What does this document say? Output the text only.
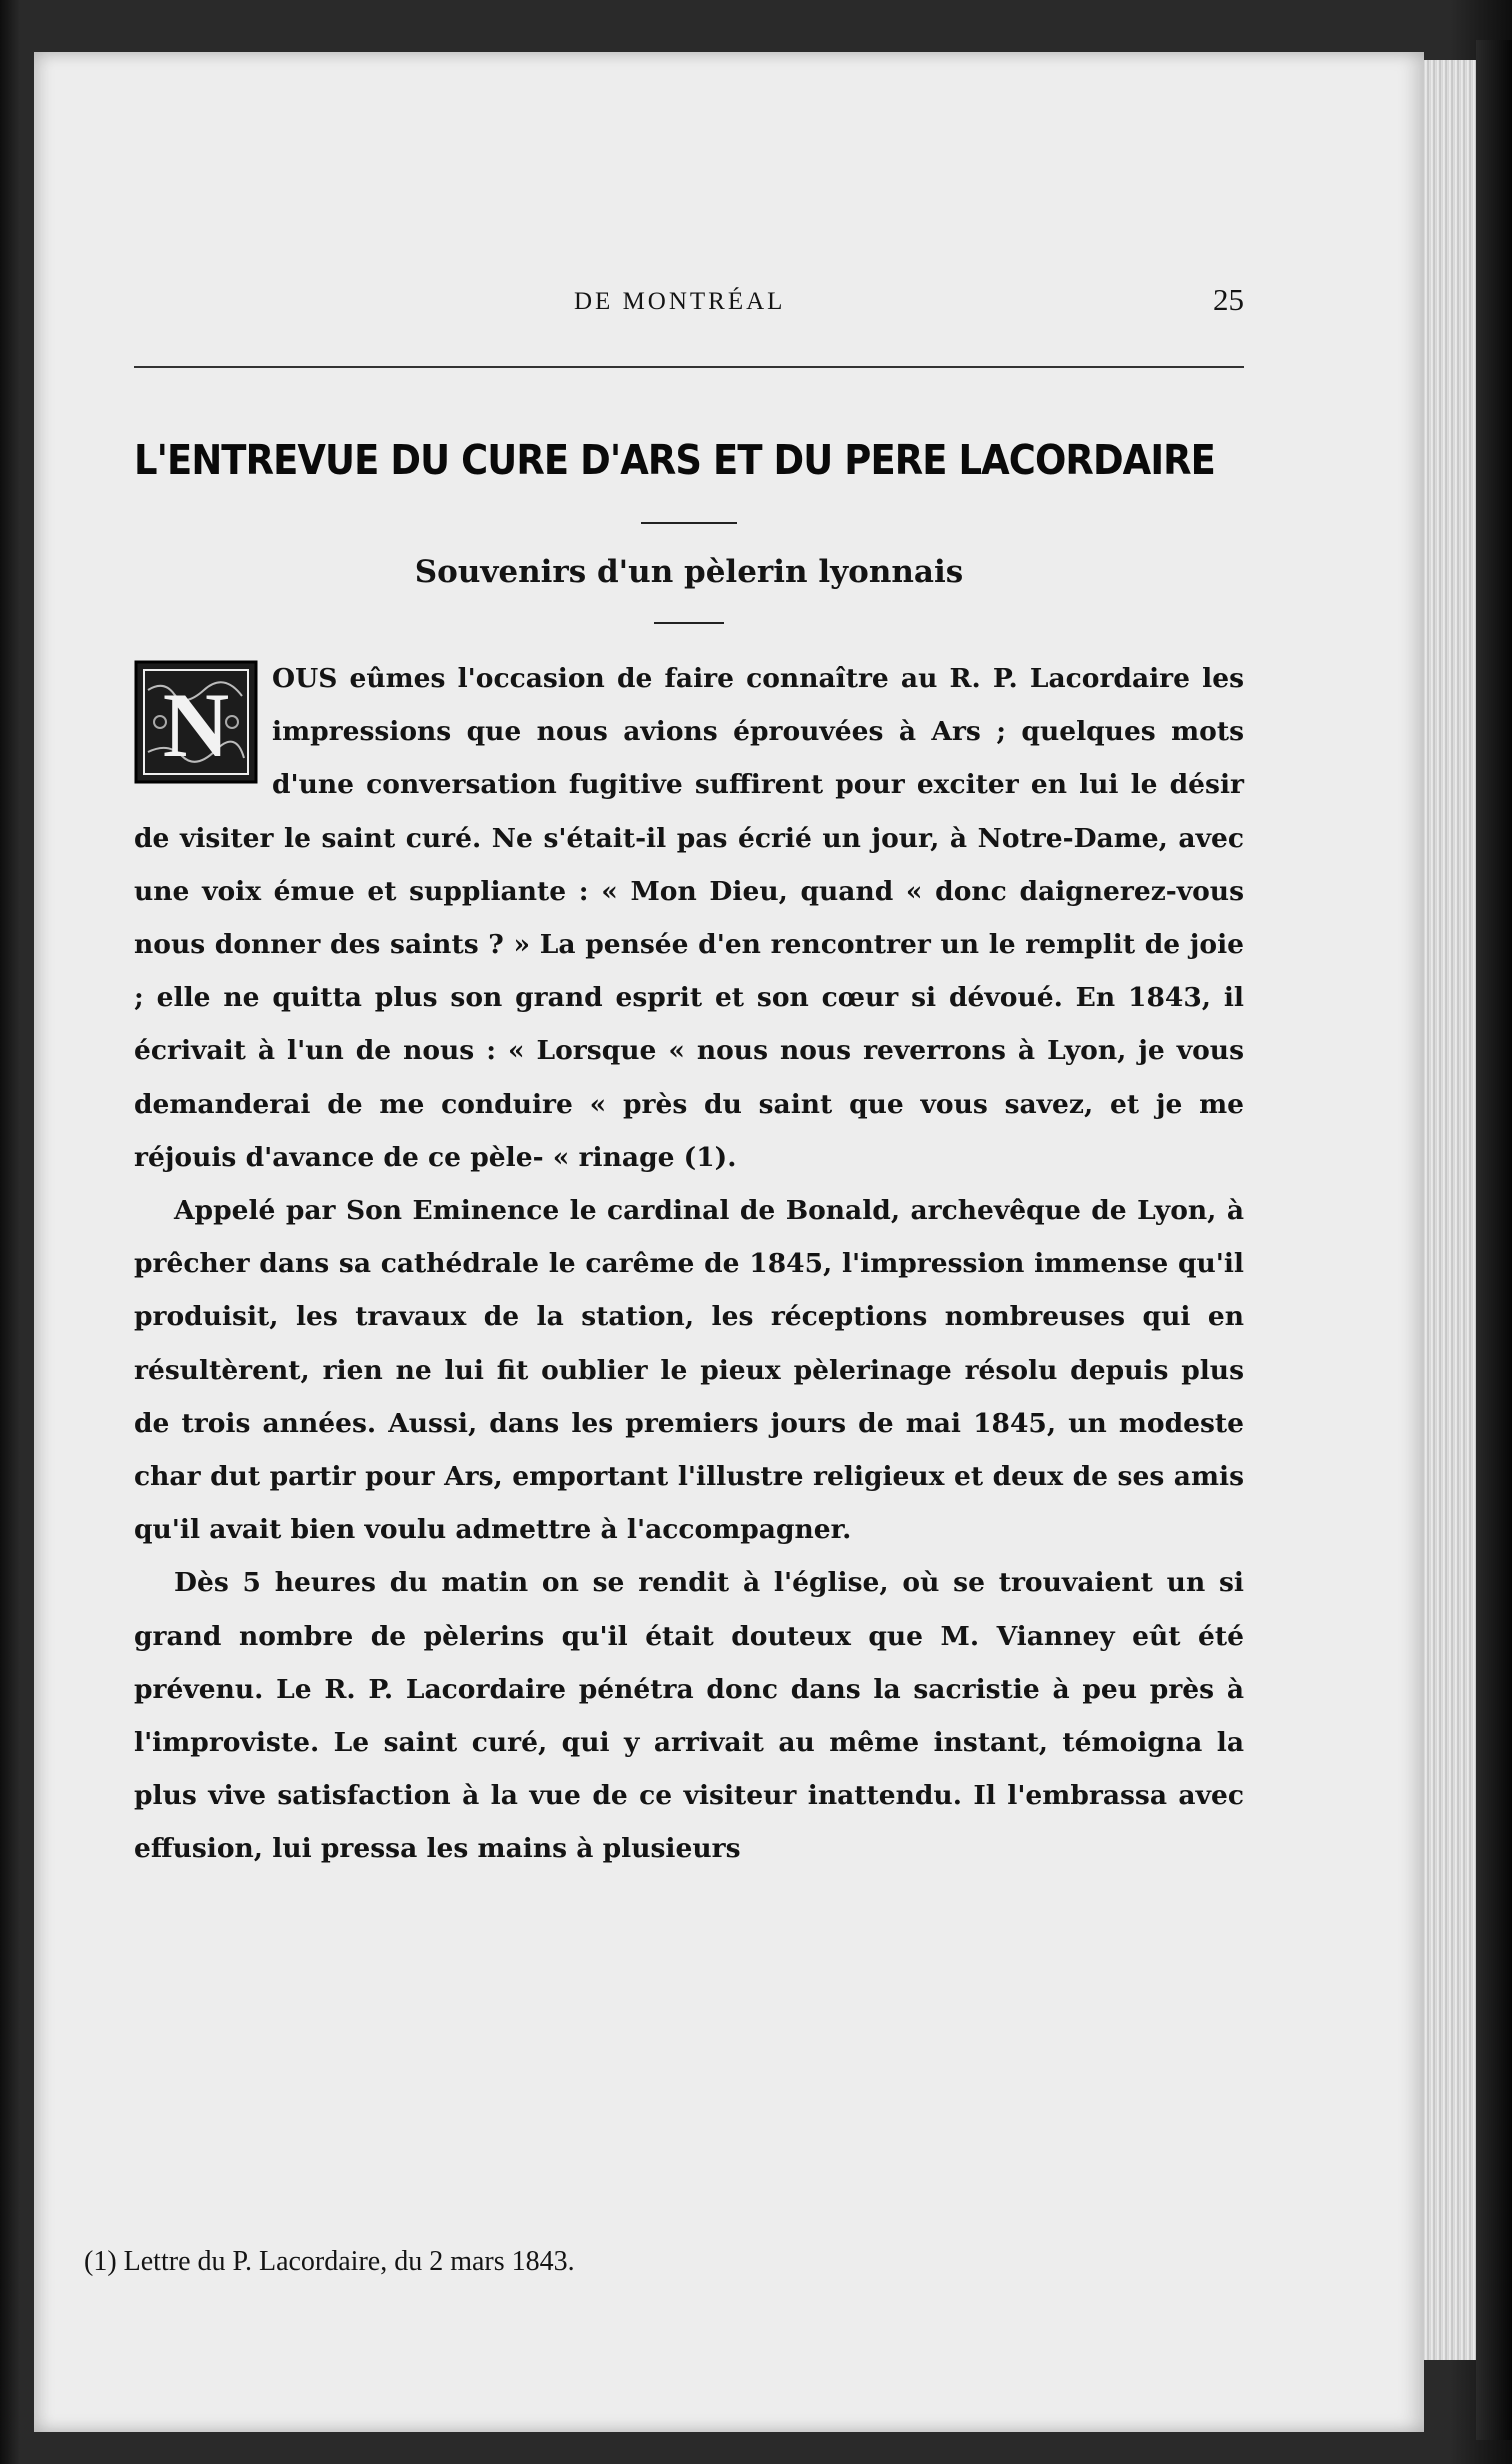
DE MONTRÉAL	25
L'ENTREVUE DU CURE D'ARS ET DU PERE LACORDAIRE
Souvenirs d'un pèlerin lyonnais
N	OUS eûmes l'occasion de faire connaître au R. P. Lacordaire les impressions que nous avions éprouvées à Ars ; quelques mots d'une conversation fugitive suffirent pour exciter en lui le désir de visiter le saint curé. Ne s'était-il pas écrié un jour, à Notre-Dame, avec une voix émue et suppliante : « Mon Dieu, quand « donc daignerez-vous nous donner des saints ? » La pensée d'en rencontrer un le remplit de joie ; elle ne quitta plus son grand esprit et son cœur si dévoué. En 1843, il écrivait à l'un de nous : « Lorsque « nous nous reverrons à Lyon, je vous demanderai de me conduire « près du saint que vous savez, et je me réjouis d'avance de ce pèle- « rinage (1).

Appelé par Son Eminence le cardinal de Bonald, archevêque de Lyon, à prêcher dans sa cathédrale le carême de 1845, l'impression immense qu'il produisit, les travaux de la station, les réceptions nombreuses qui en résultèrent, rien ne lui fit oublier le pieux pèlerinage résolu depuis plus de trois années. Aussi, dans les premiers jours de mai 1845, un modeste char dut partir pour Ars, emportant l'illustre religieux et deux de ses amis qu'il avait bien voulu admettre à l'accompagner.

Dès 5 heures du matin on se rendit à l'église, où se trouvaient un si grand nombre de pèlerins qu'il était douteux que M. Vianney eût été prévenu. Le R. P. Lacordaire pénétra donc dans la sacristie à peu près à l'improviste. Le saint curé, qui y arrivait au même instant, témoigna la plus vive satisfaction à la vue de ce visiteur inattendu. Il l'embrassa avec effusion, lui pressa les mains à plusieurs

(1) Lettre du P. Lacordaire, du 2 mars 1843.
